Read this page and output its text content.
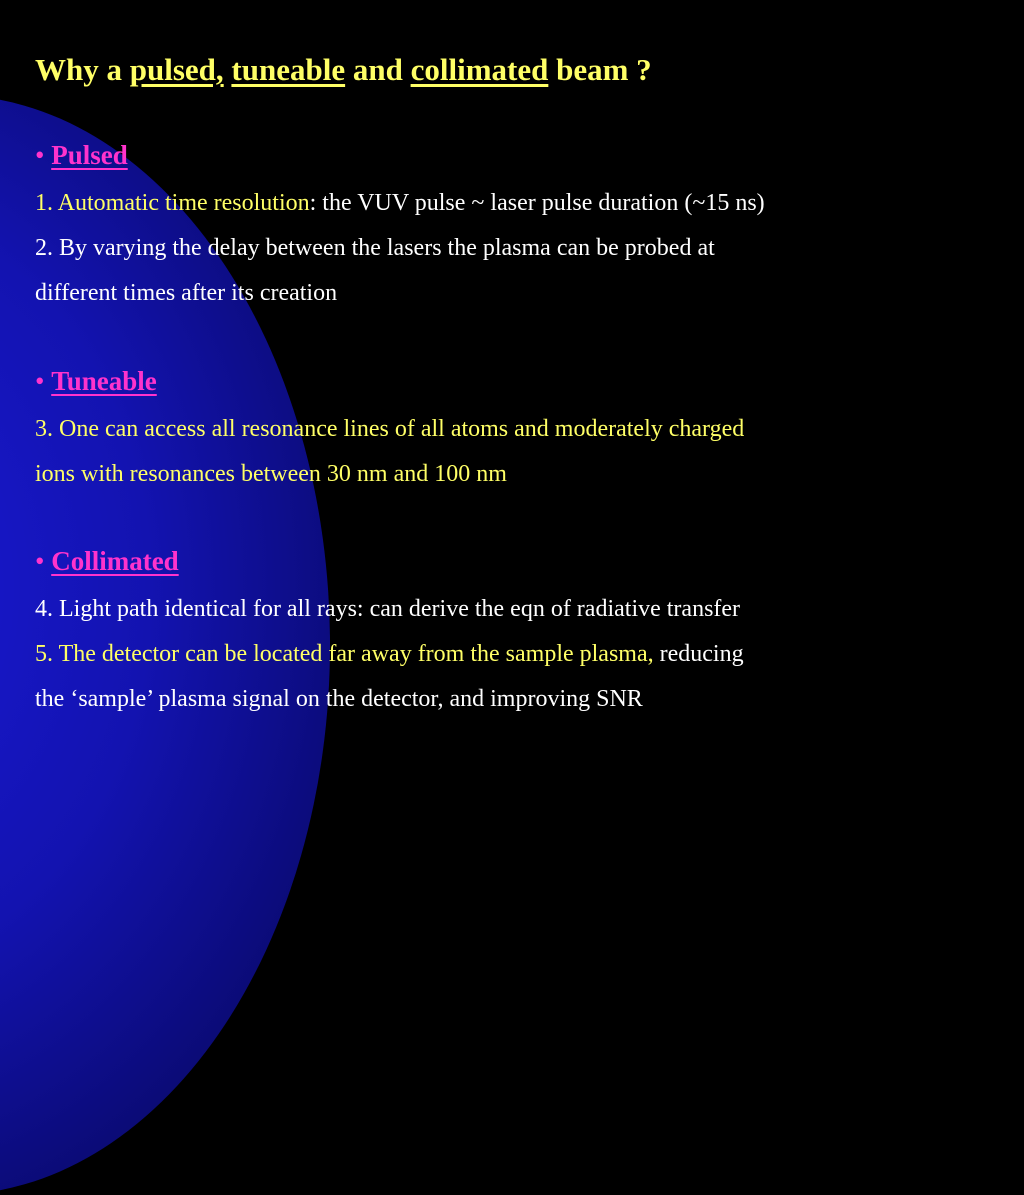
Why a pulsed, tuneable and collimated beam ?
• Pulsed
1. Automatic time resolution: the VUV pulse ~ laser pulse duration (~15 ns)
2. By varying the delay between the lasers the plasma can be probed at
different times after its creation
• Tuneable
3. One can access all resonance lines of all atoms and moderately charged
ions with resonances between 30 nm and 100 nm
• Collimated
4. Light path identical for all rays: can derive the eqn of radiative transfer
5. The detector can be located far away from the sample plasma, reducing
the ‘sample’ plasma signal on the detector, and improving SNR
